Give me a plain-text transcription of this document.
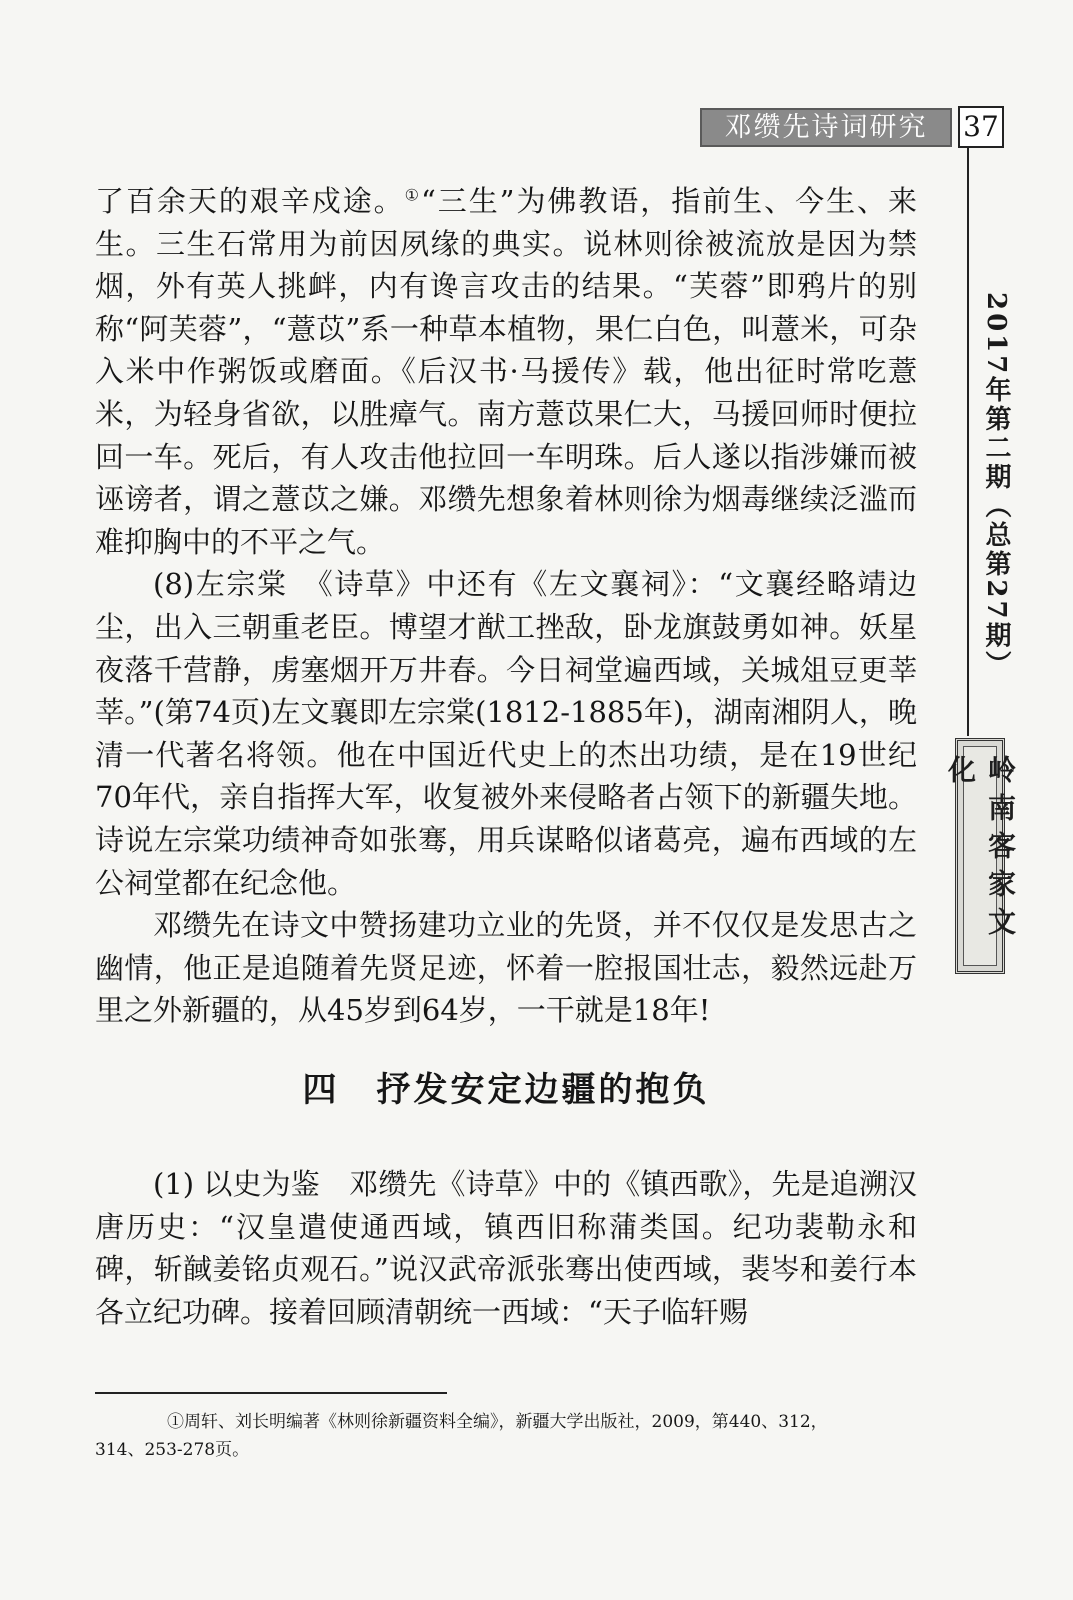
邓缵先诗词研究	37
2017年第二期（总第27期）
岭南客家文化

了百余天的艰辛戍途。①“三生”为佛教语，指前生、今生、来生。三生石常用为前因夙缘的典实。说林则徐被流放是因为禁烟，外有英人挑衅，内有谗言攻击的结果。“芙蓉”即鸦片的别称“阿芙蓉”，“薏苡”系一种草本植物，果仁白色，叫薏米，可杂入米中作粥饭或磨面。《后汉书·马援传》载，他出征时常吃薏米，为轻身省欲，以胜瘴气。南方薏苡果仁大，马援回师时便拉回一车。死后，有人攻击他拉回一车明珠。后人遂以指涉嫌而被诬谤者，谓之薏苡之嫌。邓缵先想象着林则徐为烟毒继续泛滥而难抑胸中的不平之气。

(8)左宗棠　《诗草》中还有《左文襄祠》：“文襄经略靖边尘，出入三朝重老臣。博望才猷工挫敌，卧龙旗鼓勇如神。妖星夜落千营静，虏塞烟开万井春。今日祠堂遍西域，关城俎豆更莘莘。”(第74页)左文襄即左宗棠(1812-1885年)，湖南湘阴人，晚清一代著名将领。他在中国近代史上的杰出功绩，是在19世纪70年代，亲自指挥大军，收复被外来侵略者占领下的新疆失地。诗说左宗棠功绩神奇如张骞，用兵谋略似诸葛亮，遍布西域的左公祠堂都在纪念他。

邓缵先在诗文中赞扬建功立业的先贤，并不仅仅是发思古之幽情，他正是追随着先贤足迹，怀着一腔报国壮志，毅然远赴万里之外新疆的，从45岁到64岁，一干就是18年!

四　抒发安定边疆的抱负

(1) 以史为鉴　邓缵先《诗草》中的《镇西歌》，先是追溯汉唐历史：“汉皇遣使通西域，镇西旧称蒲类国。纪功裴勒永和碑，斩馘姜铭贞观石。”说汉武帝派张骞出使西域，裴岑和姜行本各立纪功碑。接着回顾清朝统一西域：“天子临轩赐

①周轩、刘长明编著《林则徐新疆资料全编》，新疆大学出版社，2009，第440、312，
314、253-278页。
